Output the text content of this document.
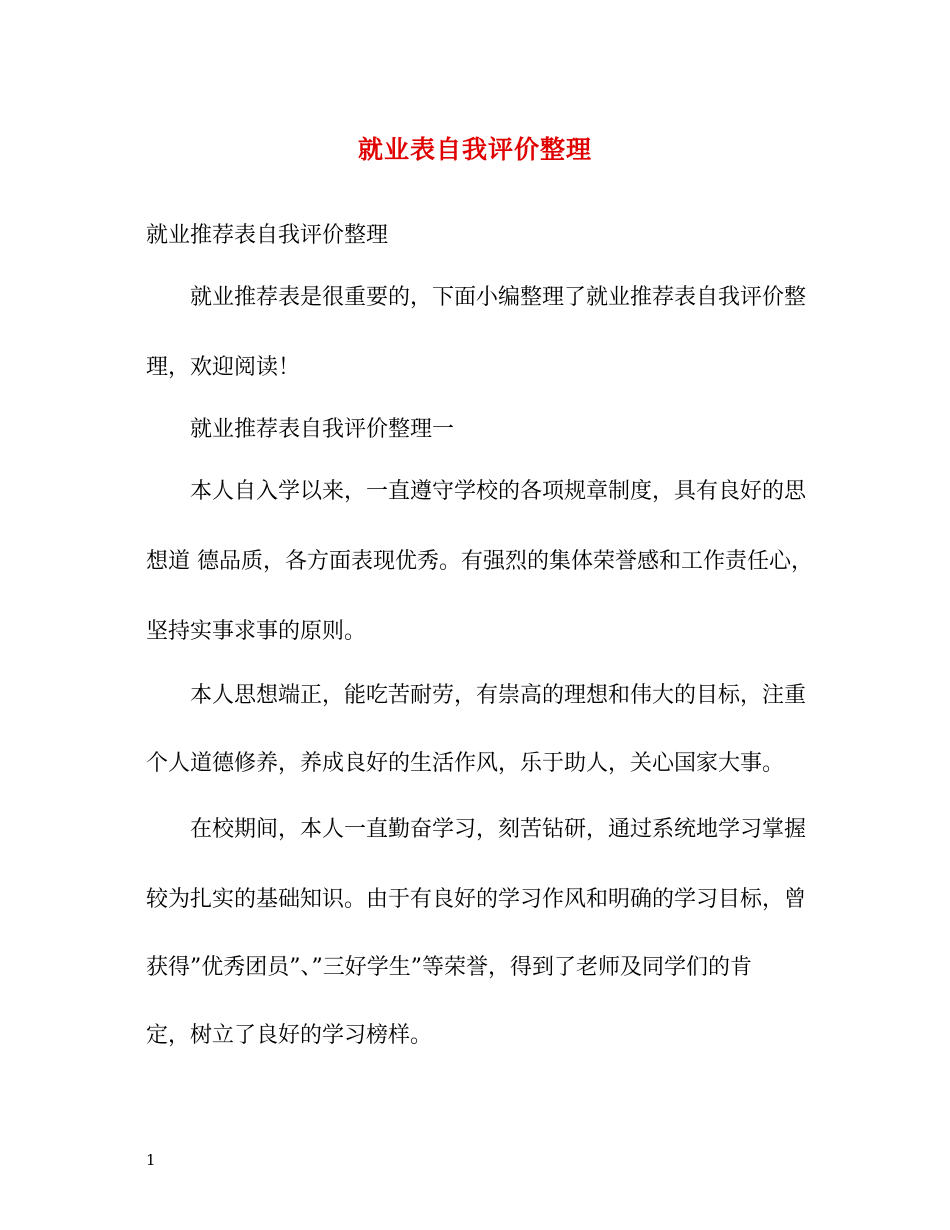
就业表自我评价整理
就业推荐表自我评价整理
就业推荐表是很重要的，下面小编整理了就业推荐表自我评价整
理，欢迎阅读！
就业推荐表自我评价整理一
本人自入学以来，一直遵守学校的各项规章制度，具有良好的思
想道 德品质，各方面表现优秀。有强烈的集体荣誉感和工作责任心，
坚持实事求事的原则。
本人思想端正，能吃苦耐劳，有崇高的理想和伟大的目标，注重
个人道德修养，养成良好的生活作风，乐于助人，关心国家大事。
在校期间，本人一直勤奋学习，刻苦钻研，通过系统地学习掌握
较为扎实的基础知识。由于有良好的学习作风和明确的学习目标，曾
获得”优秀团员”、”三好学生”等荣誉，得到了老师及同学们的肯
定，树立了良好的学习榜样。
1
